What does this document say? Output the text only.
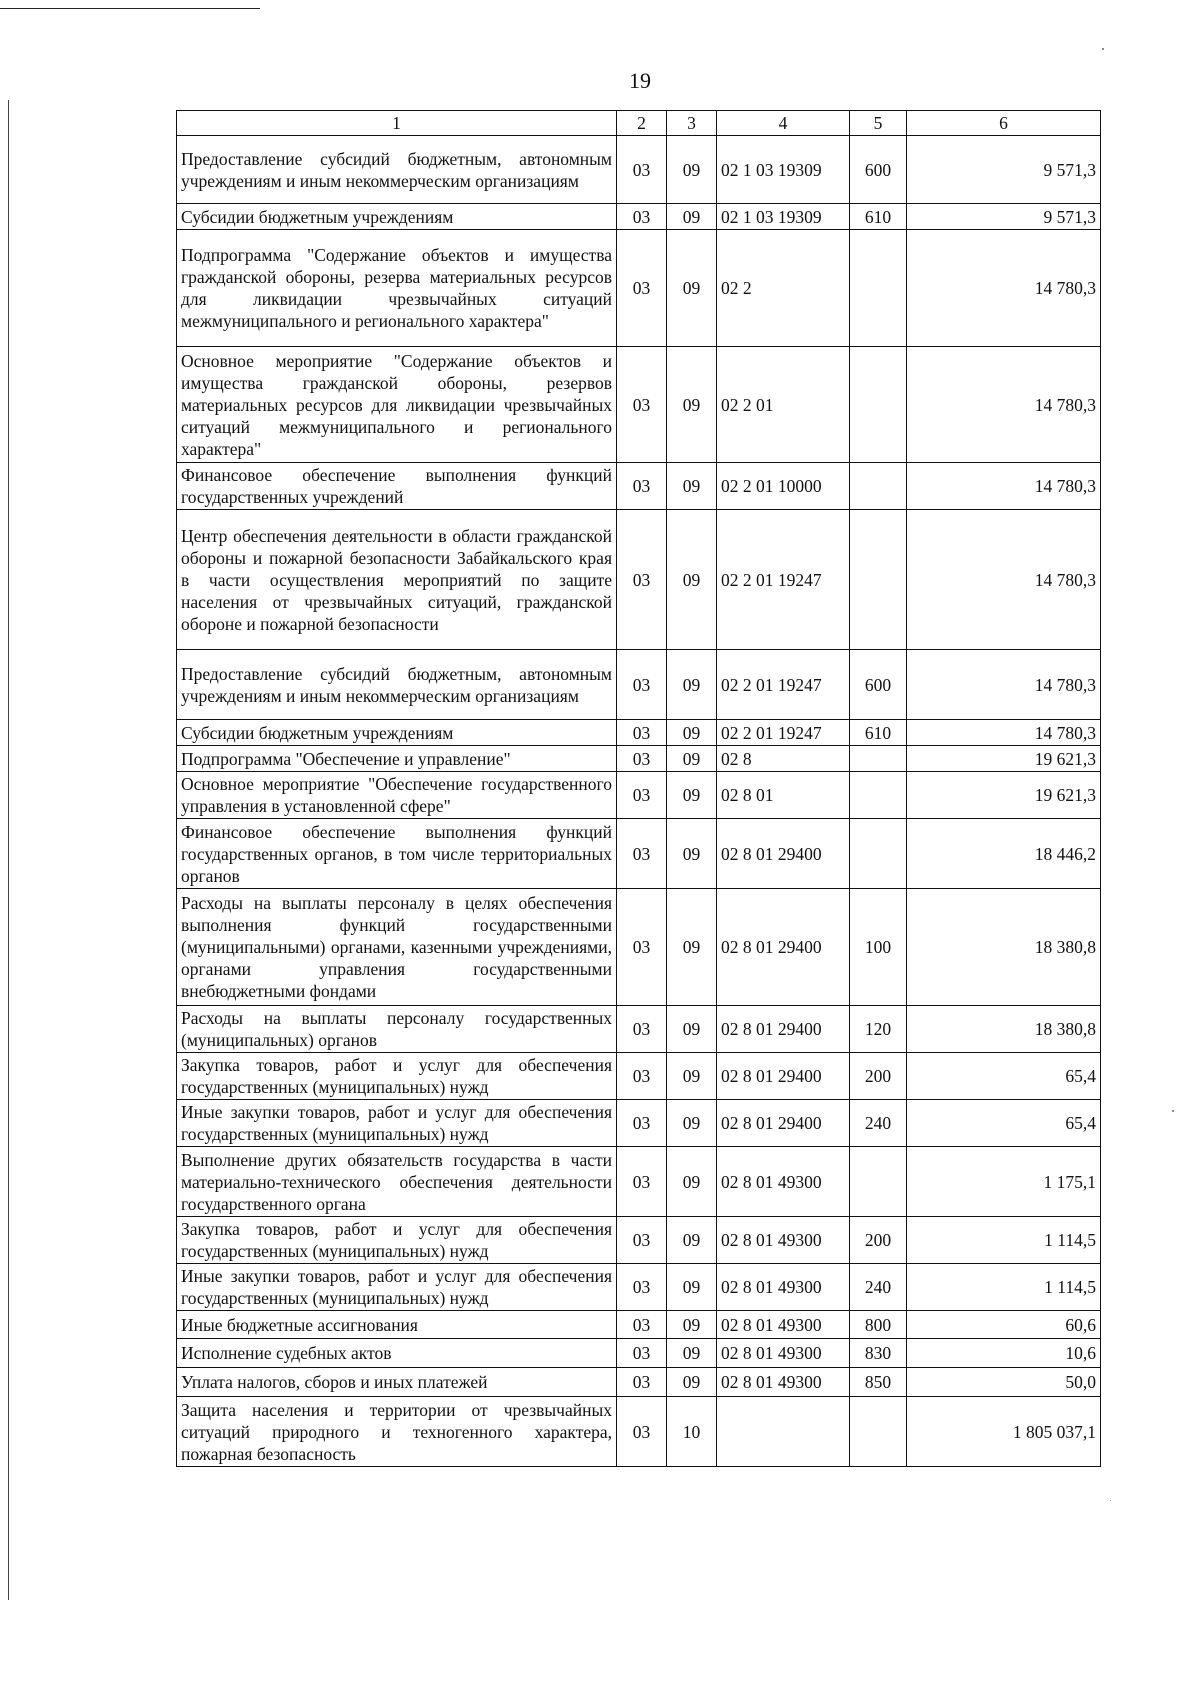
19
1	2	3	4	5	6
Предоставление субсидий бюджетным, автономным учреждениям и иным некоммерческим организациям	03	09	02 1 03 19309	600	9 571,3
Субсидии бюджетным учреждениям	03	09	02 1 03 19309	610	9 571,3
Подпрограмма "Содержание объектов и имущества гражданской обороны, резерва материальных ресурсов для ликвидации чрезвычайных ситуаций межмуниципального и регионального характера"	03	09	02 2		14 780,3
Основное мероприятие "Содержание объектов и имущества гражданской обороны, резервов материальных ресурсов для ликвидации чрезвычайных ситуаций межмуниципального и регионального характера"	03	09	02 2 01		14 780,3
Финансовое обеспечение выполнения функций государственных учреждений	03	09	02 2 01 10000		14 780,3
Центр обеспечения деятельности в области гражданской обороны и пожарной безопасности Забайкальского края в части осуществления мероприятий по защите населения от чрезвычайных ситуаций, гражданской обороне и пожарной безопасности	03	09	02 2 01 19247		14 780,3
Предоставление субсидий бюджетным, автономным учреждениям и иным некоммерческим организациям	03	09	02 2 01 19247	600	14 780,3
Субсидии бюджетным учреждениям	03	09	02 2 01 19247	610	14 780,3
Подпрограмма "Обеспечение и управление"	03	09	02 8		19 621,3
Основное мероприятие "Обеспечение государственного управления в установленной сфере"	03	09	02 8 01		19 621,3
Финансовое обеспечение выполнения функций государственных органов, в том числе территориальных органов	03	09	02 8 01 29400		18 446,2
Расходы на выплаты персоналу в целях обеспечения выполнения функций государственными (муниципальными) органами, казенными учреждениями, органами управления государственными внебюджетными фондами	03	09	02 8 01 29400	100	18 380,8
Расходы на выплаты персоналу государственных (муниципальных) органов	03	09	02 8 01 29400	120	18 380,8
Закупка товаров, работ и услуг для обеспечения государственных (муниципальных) нужд	03	09	02 8 01 29400	200	65,4
Иные закупки товаров, работ и услуг для обеспечения государственных (муниципальных) нужд	03	09	02 8 01 29400	240	65,4
Выполнение других обязательств государства в части материально-технического обеспечения деятельности государственного органа	03	09	02 8 01 49300		1 175,1
Закупка товаров, работ и услуг для обеспечения государственных (муниципальных) нужд	03	09	02 8 01 49300	200	1 114,5
Иные закупки товаров, работ и услуг для обеспечения государственных (муниципальных) нужд	03	09	02 8 01 49300	240	1 114,5
Иные бюджетные ассигнования	03	09	02 8 01 49300	800	60,6
Исполнение судебных актов	03	09	02 8 01 49300	830	10,6
Уплата налогов, сборов и иных платежей	03	09	02 8 01 49300	850	50,0
Защита населения и территории от чрезвычайных ситуаций природного и техногенного характера, пожарная безопасность	03	10			1 805 037,1
